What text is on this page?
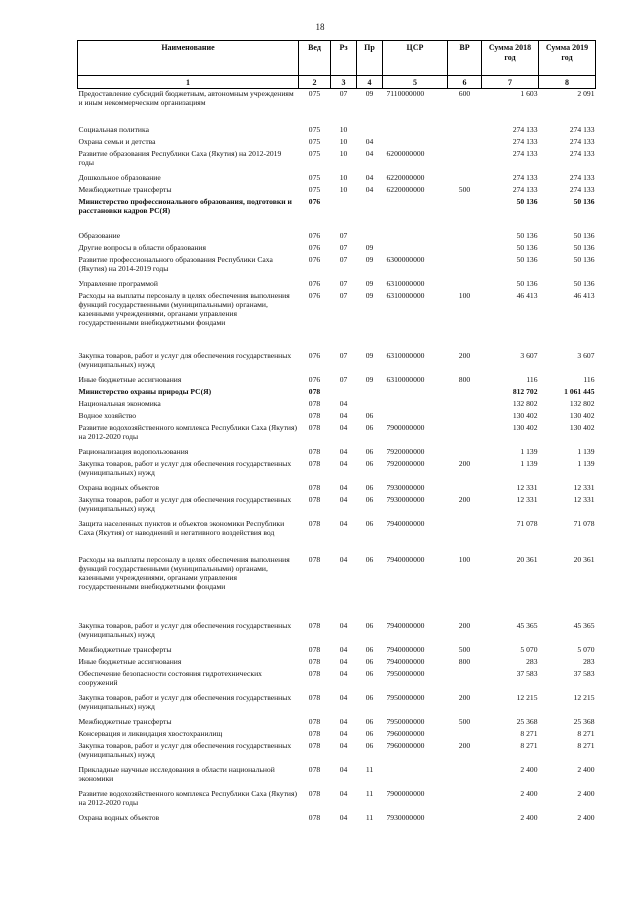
18
Наименование	Вед	Рз	Пр	ЦСР	ВР	Сумма 2018 год	Сумма 2019 год
1	2	3	4	5	6	7	8
Предоставление субсидий бюджетным, автономным учреждениям и иным некоммерческим организациям	075	07	09	7110000000	600	1 603	2 091
Социальная политика	075	10				274 133	274 133
Охрана семьи и детства	075	10	04			274 133	274 133
Развитие образования Республики Саха (Якутия) на 2012-2019 годы	075	10	04	6200000000		274 133	274 133
Дошкольное образование	075	10	04	6220000000		274 133	274 133
Межбюджетные трансферты	075	10	04	6220000000	500	274 133	274 133
Министерство профессионального образования, подготовки и расстановки кадров РС(Я)	076					50 136	50 136
Образование	076	07				50 136	50 136
Другие вопросы в области образования	076	07	09			50 136	50 136
Развитие профессионального образования Республики Саха (Якутия) на 2014-2019 годы	076	07	09	6300000000		50 136	50 136
Управление программой	076	07	09	6310000000		50 136	50 136
Расходы на выплаты персоналу в целях обеспечения выполнения функций государственными (муниципальными) органами, казенными учреждениями, органами управления государственными внебюджетными фондами	076	07	09	6310000000	100	46 413	46 413
Закупка товаров, работ и услуг для обеспечения государственных (муниципальных) нужд	076	07	09	6310000000	200	3 607	3 607
Иные бюджетные ассигнования	076	07	09	6310000000	800	116	116
Министерство охраны природы РС(Я)	078					812 702	1 061 445
Национальная экономика	078	04				132 802	132 802
Водное хозяйство	078	04	06			130 402	130 402
Развитие водохозяйственного комплекса Республики Саха (Якутия) на 2012-2020 годы	078	04	06	7900000000		130 402	130 402
Рационализация водопользования	078	04	06	7920000000		1 139	1 139
Закупка товаров, работ и услуг для обеспечения государственных (муниципальных) нужд	078	04	06	7920000000	200	1 139	1 139
Охрана водных объектов	078	04	06	7930000000		12 331	12 331
Закупка товаров, работ и услуг для обеспечения государственных (муниципальных) нужд	078	04	06	7930000000	200	12 331	12 331
Защита населенных пунктов и объектов экономики Республики Саха (Якутия) от наводнений и негативного воздействия вод	078	04	06	7940000000		71 078	71 078
Расходы на выплаты персоналу в целях обеспечения выполнения функций государственными (муниципальными) органами, казенными учреждениями, органами управления государственными внебюджетными фондами	078	04	06	7940000000	100	20 361	20 361
Закупка товаров, работ и услуг для обеспечения государственных (муниципальных) нужд	078	04	06	7940000000	200	45 365	45 365
Межбюджетные трансферты	078	04	06	7940000000	500	5 070	5 070
Иные бюджетные ассигнования	078	04	06	7940000000	800	283	283
Обеспечение безопасности состояния гидротехнических сооружений	078	04	06	7950000000		37 583	37 583
Закупка товаров, работ и услуг для обеспечения государственных (муниципальных) нужд	078	04	06	7950000000	200	12 215	12 215
Межбюджетные трансферты	078	04	06	7950000000	500	25 368	25 368
Консервация и ликвидация хвостохранилищ	078	04	06	7960000000		8 271	8 271
Закупка товаров, работ и услуг для обеспечения государственных (муниципальных) нужд	078	04	06	7960000000	200	8 271	8 271
Прикладные научные исследования в области национальной экономики	078	04	11			2 400	2 400
Развитие водохозяйственного комплекса Республики Саха (Якутия) на 2012-2020 годы	078	04	11	7900000000		2 400	2 400
Охрана водных объектов	078	04	11	7930000000		2 400	2 400
